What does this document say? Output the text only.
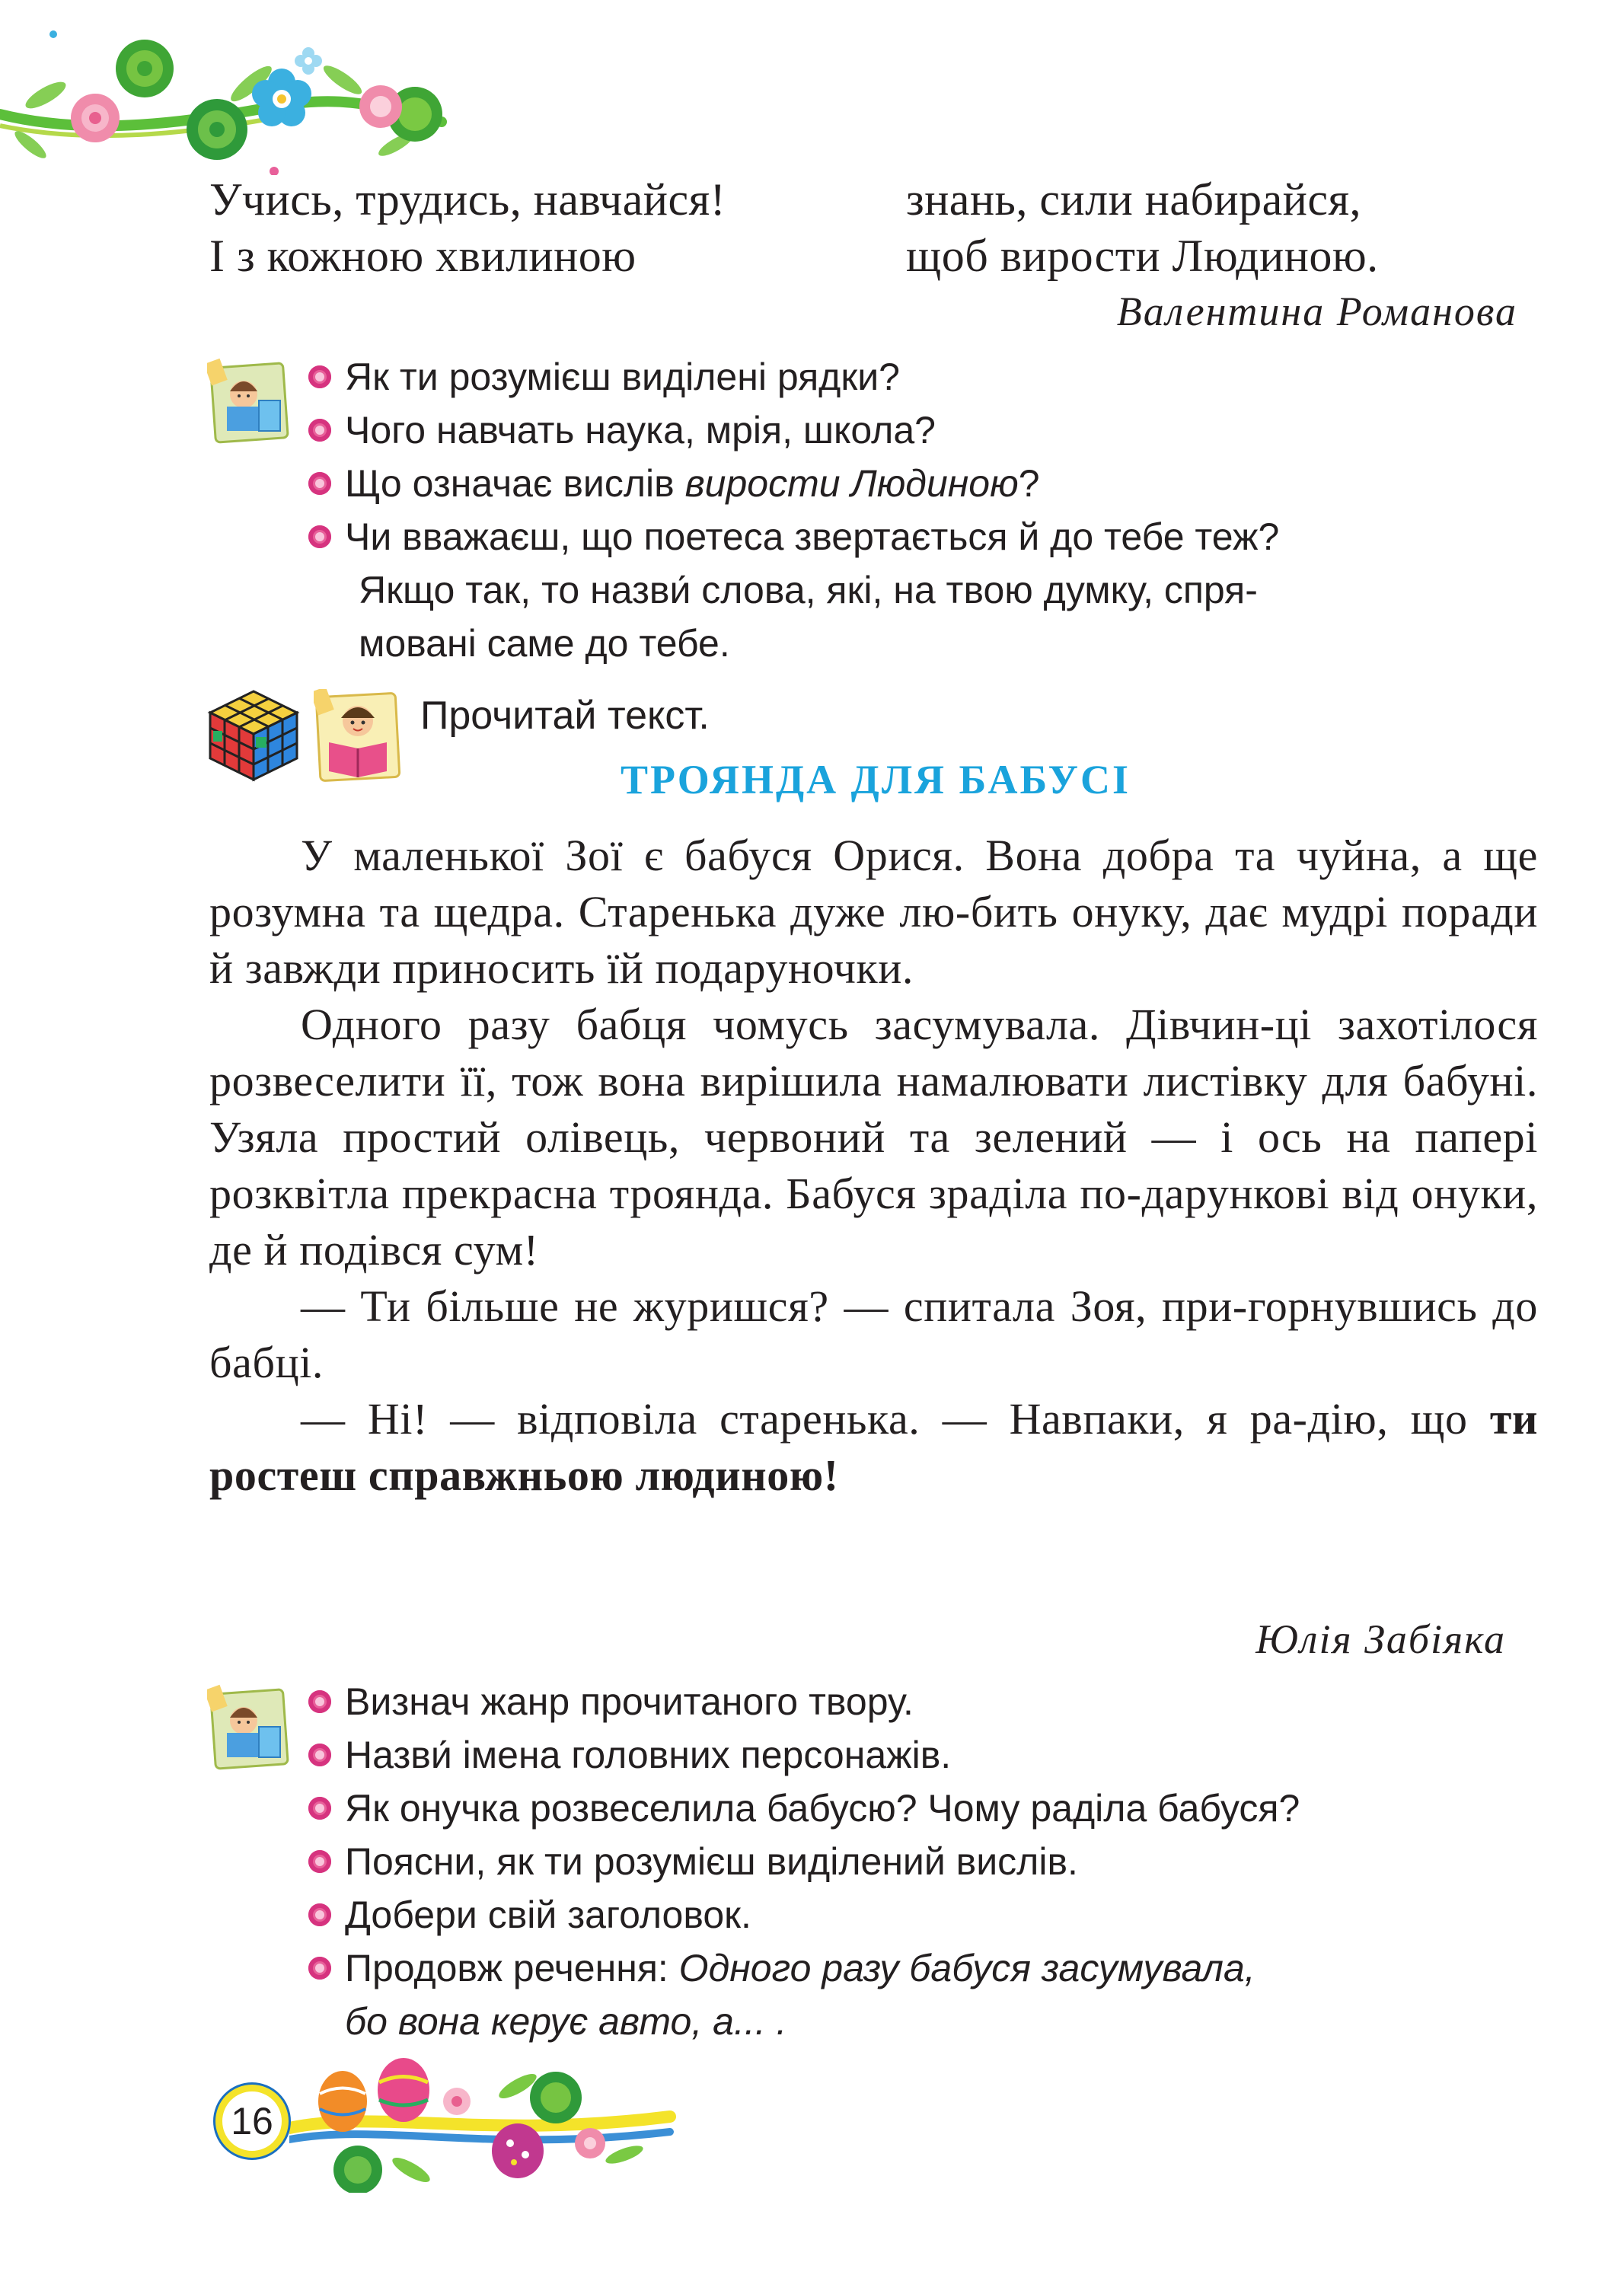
Учись, трудись, навчайся!
І з кожною хвилиною
знань, сили набирайся,
щоб вирости Людиною.
Валентина Романова
Як ти розумієш виділені рядки?
Чого навчать наука, мрія, школа?
Що означає вислів вирости Людиною?
Чи вважаєш, що поетеса звертається й до тебе теж?
Якщо так, то назви́ слова, які, на твою думку, спря-
мовані саме до тебе.
Прочитай текст.
ТРОЯНДА ДЛЯ БАБУСІ

У маленької Зої є бабуся Орися. Вона добра та чуйна, а ще розумна та щедра. Старенька дуже лю-бить онуку, дає мудрі поради й завжди приносить їй подаруночки.

Одного разу бабця чомусь засумувала. Дівчин-ці захотілося розвеселити її, тож вона вирішила намалювати листівку для бабуні. Узяла простий олівець, червоний та зелений — і ось на папері розквітла прекрасна троянда. Бабуся зраділа по-дарункові від онуки, де й подівся сум!

— Ти більше не журишся? — спитала Зоя, при-горнувшись до бабці.

— Ні! — відповіла старенька. — Навпаки, я ра-дію, що ти ростеш справжньою людиною!

Юлія Забіяка
Визнач жанр прочитаного твору.
Назви́ імена головних персонажів.
Як онучка розвеселила бабусю? Чому раділа бабуся?
Поясни, як ти розумієш виділений вислів.
Добери свій заголовок.
Продовж речення: Одного разу бабуся засумувала,
бо вона керує авто, а... .
16
